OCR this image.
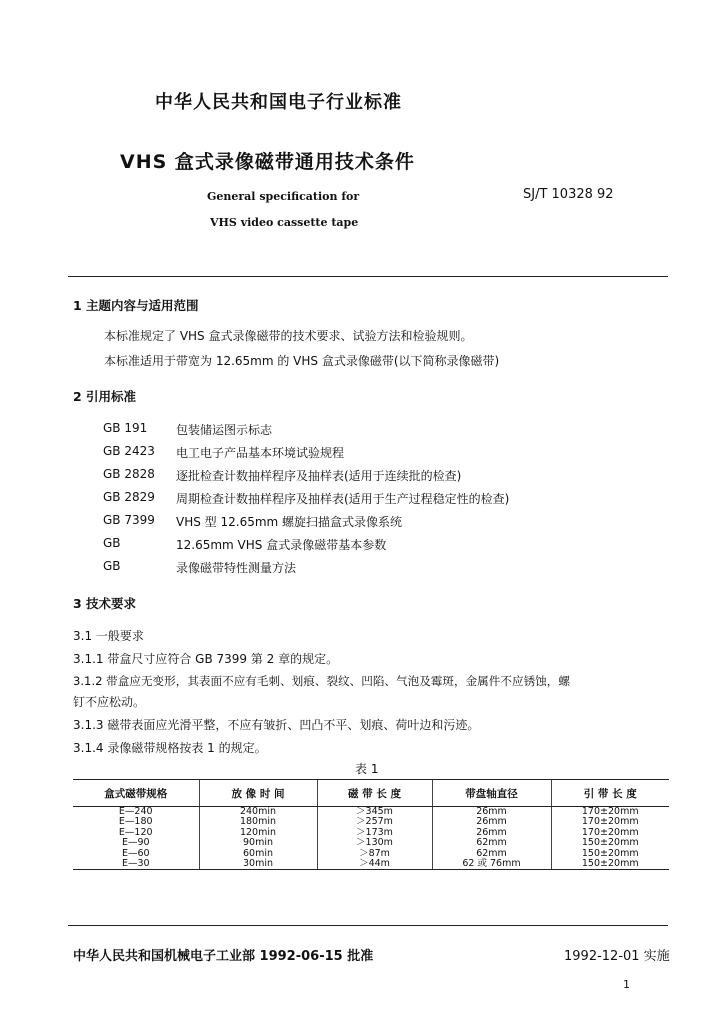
中华人民共和国电子行业标准
VHS 盒式录像磁带通用技术条件
General specification for
VHS video cassette tape
SJ/T 10328 92
1 主题内容与适用范围
本标准规定了 VHS 盒式录像磁带的技术要求、试验方法和检验规则。
本标准适用于带宽为 12.65mm 的 VHS 盒式录像磁带(以下简称录像磁带)
2 引用标准
GB 191 包装储运图示标志
GB 2423 电工电子产品基本环境试验规程
GB 2828 逐批检查计数抽样程序及抽样表(适用于连续批的检查)
GB 2829 周期检查计数抽样程序及抽样表(适用于生产过程稳定性的检查)
GB 7399 VHS 型 12.65mm 螺旋扫描盒式录像系统
GB	12.65mm VHS 盒式录像磁带基本参数
GB	录像磁带特性测量方法
3 技术要求
3.1 一般要求
3.1.1 带盒尺寸应符合 GB 7399 第 2 章的规定。
3.1.2 带盒应无变形，其表面不应有毛刺、划痕、裂纹、凹陷、气泡及霉斑，金属件不应锈蚀，螺
钉不应松动。
3.1.3 磁带表面应光滑平整，不应有皱折、凹凸不平、划痕、荷叶边和污迹。
3.1.4 录像磁带规格按表 1 的规定。
表 1
盒式磁带规格	放 像 时 间	磁 带 长 度	带盘轴直径	引 带 长 度
E—240	240min	＞345m	26mm	170±20mm
E—180	180min	＞257m	26mm	170±20mm
E—120	120min	＞173m	26mm	170±20mm
E—90	90min	＞130m	62mm	150±20mm
E—60	60min	＞87m	62mm	150±20mm
E—30	30min	＞44m	62 或 76mm	150±20mm
中华人民共和国机械电子工业部 1992-06-15 批准	1992-12-01 实施
1
